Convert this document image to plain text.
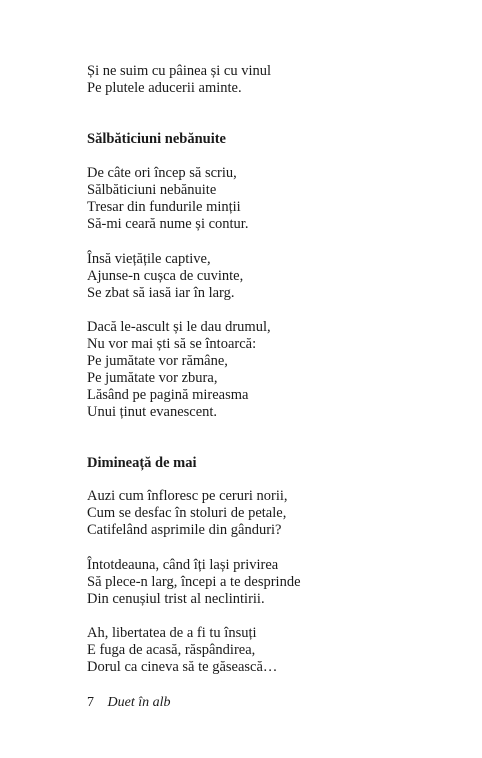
Și ne suim cu pâinea și cu vinul
Pe plutele aducerii aminte.
Sălbăticiuni nebănuite
De câte ori încep să scriu,
Sălbăticiuni nebănuite
Tresar din fundurile minții
Să-mi ceară nume și contur.
Însă viețățile captive,
Ajunse-n cușca de cuvinte,
Se zbat să iasă iar în larg.
Dacă le-ascult și le dau drumul,
Nu vor mai ști să se întoarcă:
Pe jumătate vor rămâne,
Pe jumătate vor zbura,
Lăsând pe pagină mireasma
Unui ținut evanescent.
Dimineață de mai
Auzi cum înfloresc pe ceruri norii,
Cum se desfac în stoluri de petale,
Catifelând asprimile din gânduri?
Întotdeauna, când îți lași privirea
Să plece-n larg, începi a te desprinde
Din cenușiul trist al neclintirii.
Ah, libertatea de a fi tu însuți
E fuga de acasă, răspândirea,
Dorul ca cineva să te găsească…
7 Duet în alb
